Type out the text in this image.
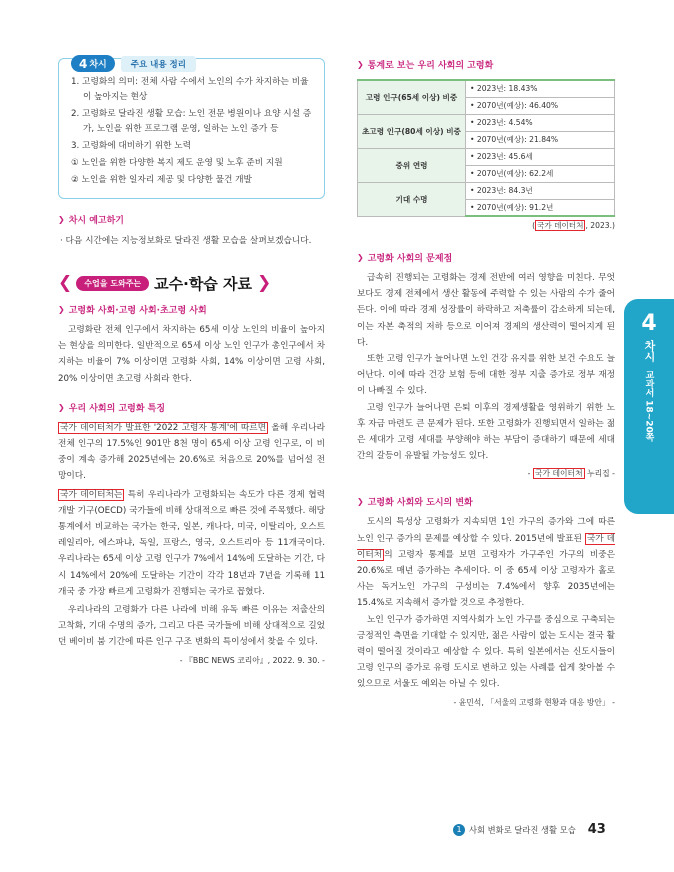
4 차시	주요 내용 정리
1. 고령화의 의미: 전체 사람 수에서 노인의 수가 차지하는 비율이 높아지는 현상
2. 고령화로 달라진 생활 모습: 노인 전문 병원이나 요양 시설 증가, 노인을 위한 프로그램 운영, 일하는 노인 증가 등
3. 고령화에 대비하기 위한 노력
① 노인을 위한 다양한 복지 제도 운영 및 노후 준비 지원
② 노인을 위한 일자리 제공 및 다양한 물건 개발
❯ 차시 예고하기
· 다음 시간에는 지능정보화로 달라진 생활 모습을 살펴보겠습니다.
❮	수업을 도와주는 교수·학습 자료 ❯
❯ 고령화 사회·고령 사회·초고령 사회

고령화란 전체 인구에서 차지하는 65세 이상 노인의 비율이 높아지는 현상을 의미한다. 일반적으로 65세 이상 노인 인구가 총인구에서 차지하는 비율이 7% 이상이면 고령화 사회, 14% 이상이면 고령 사회, 20% 이상이면 초고령 사회라 한다.

❯ 우리 사회의 고령화 특징

국가 데이터처가 발표한 '2022 고령자 통계'에 따르면 올해 우리나라 전체 인구의 17.5%인 901만 8천 명이 65세 이상 고령 인구로, 이 비중이 계속 증가해 2025년에는 20.6%로 처음으로 20%를 넘어설 전망이다.

국가 데이터처는 특히 우리나라가 고령화되는 속도가 다른 경제 협력 개발 기구(OECD) 국가들에 비해 상대적으로 빠른 것에 주목했다. 해당 통계에서 비교하는 국가는 한국, 일본, 캐나다, 미국, 이탈리아, 오스트레일리아, 에스파냐, 독일, 프랑스, 영국, 오스트리아 등 11개국이다. 우리나라는 65세 이상 고령 인구가 7%에서 14%에 도달하는 기간, 다시 14%에서 20%에 도달하는 기간이 각각 18년과 7년을 기록해 11개국 중 가장 빠르게 고령화가 진행되는 국가로 꼽혔다.

우리나라의 고령화가 다른 나라에 비해 유독 빠른 이유는 저출산의 고착화, 기대 수명의 증가, 그리고 다른 국가들에 비해 상대적으로 길었던 베이비 붐 기간에 따른 인구 구조 변화의 특이성에서 찾을 수 있다.

- 『BBC NEWS 코리아』, 2022. 9. 30. -
❯ 통계로 보는 우리 사회의 고령화
고령 인구(65세 이상) 비중	• 2023년: 18.43%
	• 2070년(예상): 46.40%
초고령 인구(80세 이상) 비중	• 2023년: 4.54%
	• 2070년(예상): 21.84%
중위 연령	• 2023년: 45.6세
	• 2070년(예상): 62.2세
기대 수명	• 2023년: 84.3년
	• 2070년(예상): 91.2년
( 국가 데이터처 , 2023.)
❯ 고령화 사회의 문제점

급속히 진행되는 고령화는 경제 전반에 여러 영향을 미친다. 무엇보다도 경제 전체에서 생산 활동에 주력할 수 있는 사람의 수가 줄어든다. 이에 따라 경제 성장률이 하락하고 저축률이 감소하게 되는데, 이는 자본 축적의 저하 등으로 이어져 경제의 생산력이 떨어지게 된다.

또한 고령 인구가 늘어나면 노인 건강 유지를 위한 보건 수요도 늘어난다. 이에 따라 건강 보험 등에 대한 정부 지출 증가로 정부 재정이 나빠질 수 있다.

고령 인구가 늘어나면 은퇴 이후의 경제생활을 영위하기 위한 노후 자금 마련도 큰 문제가 된다. 또한 고령화가 진행되면서 일하는 젊은 세대가 고령 세대를 부양해야 하는 부담이 증대하기 때문에 세대 간의 갈등이 유발될 가능성도 있다.

- 국가 데이터처 누리집 -
❯ 고령화 사회와 도시의 변화

도시의 특성상 고령화가 지속되면 1인 가구의 증가와 그에 따른 노인 인구 증가의 문제를 예상할 수 있다. 2015년에 발표된 국가 데이터처 의 고령자 통계를 보면 고령자가 가구주인 가구의 비중은 20.6%로 매년 증가하는 추세이다. 이 중 65세 이상 고령자가 홀로 사는 독거노인 가구의 구성비는 7.4%에서 향후 2035년에는 15.4%로 지속해서 증가할 것으로 추정한다.

노인 인구가 증가하면 지역사회가 노인 가구를 중심으로 구축되는 긍정적인 측면을 기대할 수 있지만, 젊은 사람이 없는 도시는 결국 활력이 떨어질 것이라고 예상할 수 있다. 특히 일본에서는 신도시들이 고령 인구의 증가로 유령 도시로 변하고 있는 사례를 쉽게 찾아볼 수 있으므로 서울도 예외는 아닐 수 있다.

- 윤민석, 「서울의 고령화 현황과 대응 방안」 -
4
차시
교과서 18~20쪽
1 사회 변화로 달라진 생활 모습 43
